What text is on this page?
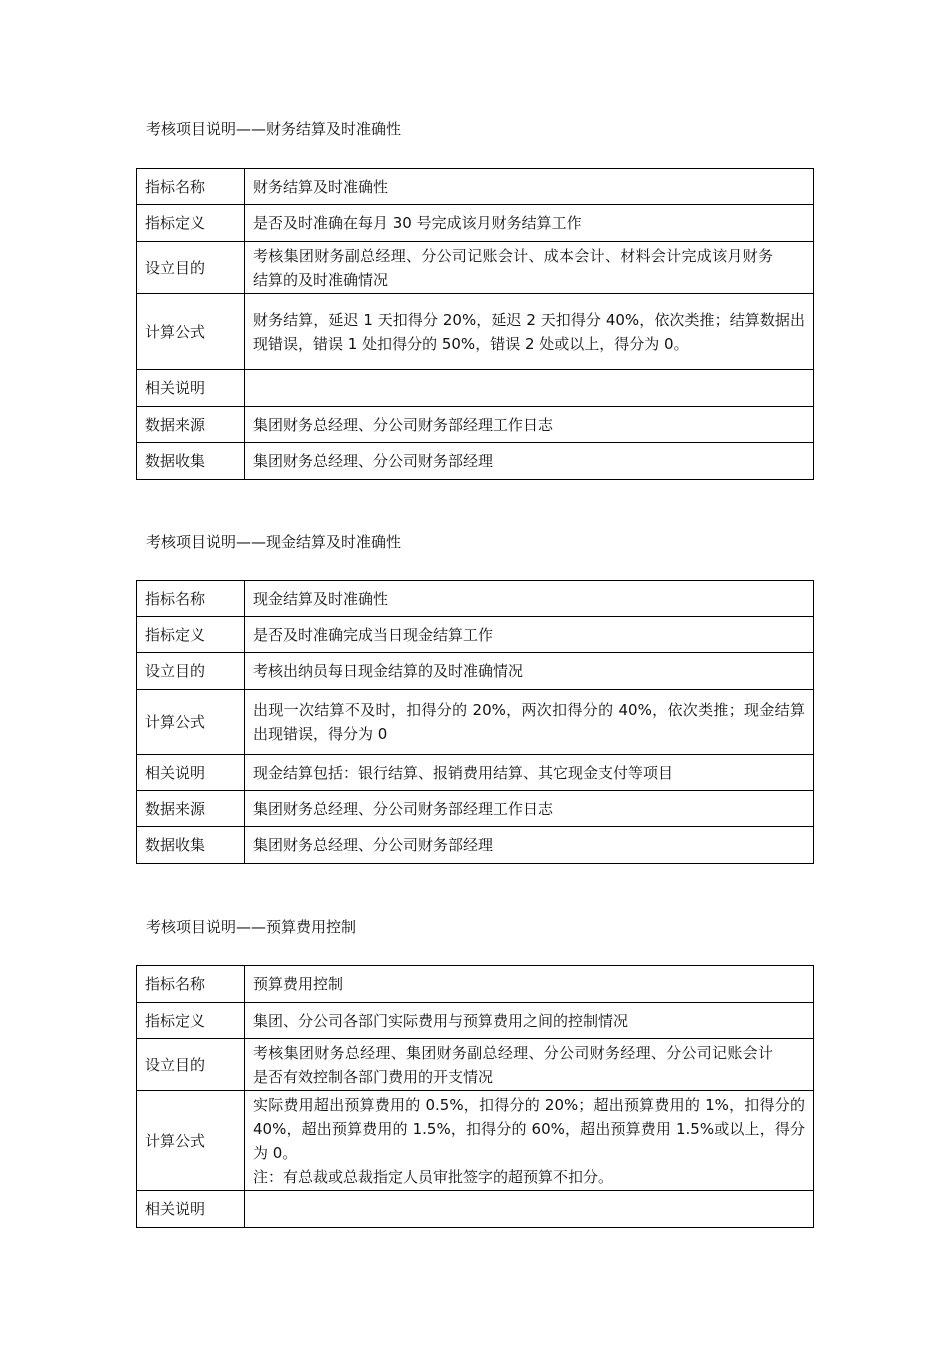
考核项目说明——财务结算及时准确性
指标名称	财务结算及时准确性
指标定义	是否及时准确在每月 30 号完成该月财务结算工作
设立目的	考核集团财务副总经理、分公司记账会计、成本会计、材料会计完成该月财务结算的及时准确情况
计算公式	财务结算，延迟 1 天扣得分 20%，延迟 2 天扣得分 40%，依次类推；结算数据出现错误，错误 1 处扣得分的 50%，错误 2 处或以上，得分为 0。
相关说明	
数据来源	集团财务总经理、分公司财务部经理工作日志
数据收集	集团财务总经理、分公司财务部经理
考核项目说明——现金结算及时准确性
指标名称	现金结算及时准确性
指标定义	是否及时准确完成当日现金结算工作
设立目的	考核出纳员每日现金结算的及时准确情况
计算公式	出现一次结算不及时，扣得分的 20%，两次扣得分的 40%，依次类推；现金结算出现错误，得分为 0
相关说明	现金结算包括：银行结算、报销费用结算、其它现金支付等项目
数据来源	集团财务总经理、分公司财务部经理工作日志
数据收集	集团财务总经理、分公司财务部经理
考核项目说明——预算费用控制
指标名称	预算费用控制
指标定义	集团、分公司各部门实际费用与预算费用之间的控制情况
设立目的	考核集团财务总经理、集团财务副总经理、分公司财务经理、分公司记账会计是否有效控制各部门费用的开支情况
计算公式	实际费用超出预算费用的 0.5%，扣得分的 20%；超出预算费用的 1%，扣得分的 40%，超出预算费用的 1.5%，扣得分的 60%，超出预算费用 1.5%或以上，得分为 0。
注：有总裁或总裁指定人员审批签字的超预算不扣分。

相关说明	
